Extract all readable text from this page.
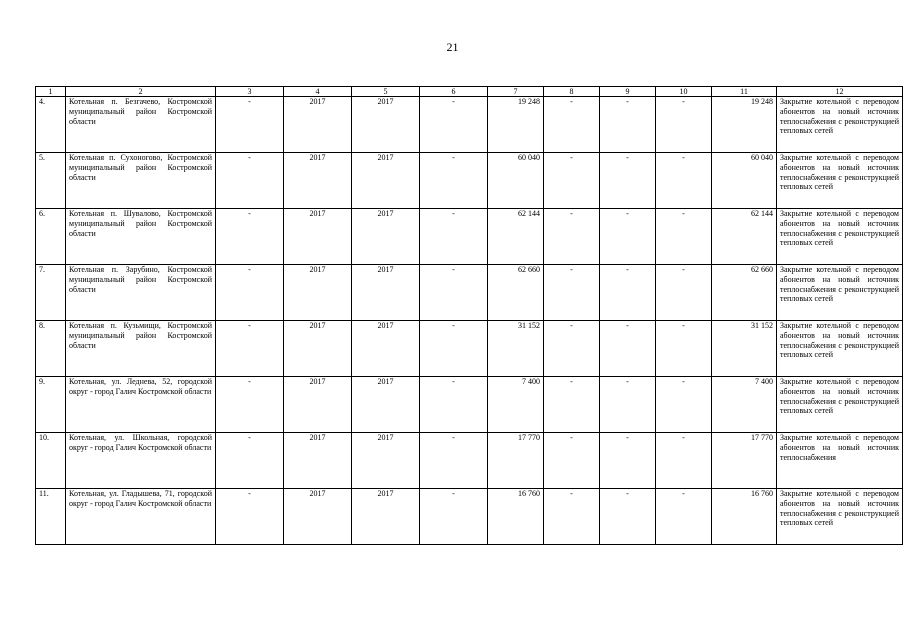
21
1	2	3	4	5	6	7	8	9	10	11	12
4.	Котельная п. Безгачево, Костромской муниципальный район Костромской области	-	2017	2017	-	19 248	-	-	-	19 248	Закрытие котельной с переводом абонентов на новый источник теплоснабжения с реконструкцией тепловых сетей
5.	Котельная п. Сухоногово, Костромской муниципальный район Костромской области	-	2017	2017	-	60 040	-	-	-	60 040	Закрытие котельной с переводом абонентов на новый источник теплоснабжения с реконструкцией тепловых сетей
6.	Котельная п. Шувалово, Костромской муниципальный район Костромской области	-	2017	2017	-	62 144	-	-	-	62 144	Закрытие котельной с переводом абонентов на новый источник теплоснабжения с реконструкцией тепловых сетей
7.	Котельная п. Зарубино, Костромской муниципальный район Костромской области	-	2017	2017	-	62 660	-	-	-	62 660	Закрытие котельной с переводом абонентов на новый источник теплоснабжения с реконструкцией тепловых сетей
8.	Котельная п. Кузьмищи, Костромской муниципальный район Костромской области	-	2017	2017	-	31 152	-	-	-	31 152	Закрытие котельной с переводом абонентов на новый источник теплоснабжения с реконструкцией тепловых сетей
9.	Котельная, ул. Леднева, 52, городской округ - город Галич Костромской области	-	2017	2017	-	7 400	-	-	-	7 400	Закрытие котельной с переводом абонентов на новый источник теплоснабжения с реконструкцией тепловых сетей
10.	Котельная, ул. Школьная, городской округ - город Галич Костромской области	-	2017	2017	-	17 770	-	-	-	17 770	Закрытие котельной с переводом абонентов на новый источник теплоснабжения
11.	Котельная, ул. Гладышева, 71, городской округ - город Галич Костромской области	-	2017	2017	-	16 760	-	-	-	16 760	Закрытие котельной с переводом абонентов на новый источник теплоснабжения с реконструкцией тепловых сетей
